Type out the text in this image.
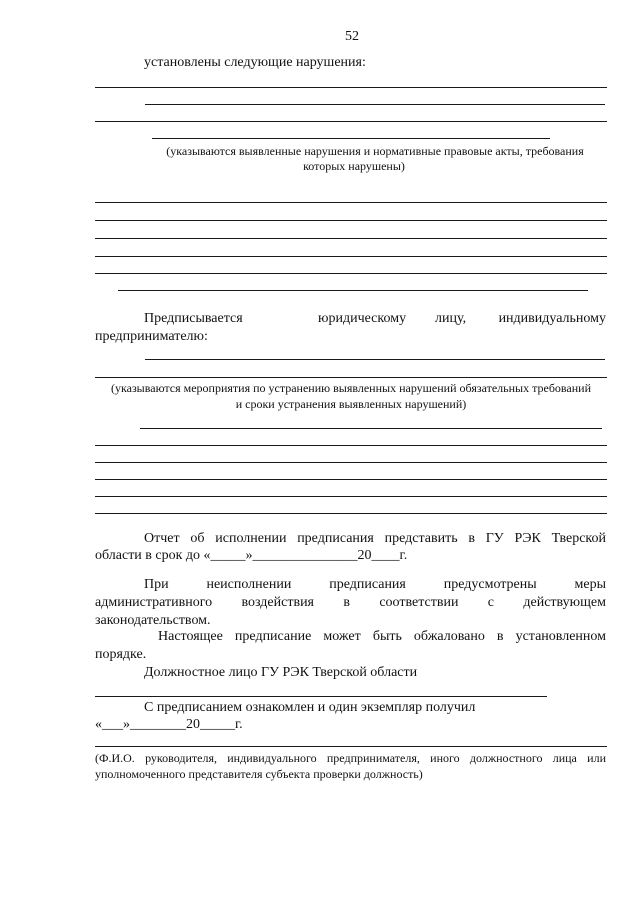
52
установлены следующие нарушения:
(указываются выявленные нарушения и нормативные правовые акты, требования
которых нарушены)
Предписывается	юридическому лицу,	индивидуальному
предпринимателю:
(указываются мероприятия по устранению выявленных нарушений обязательных требований
и сроки устранения выявленных нарушений)
Отчет об исполнении предписания представить в ГУ РЭК Тверской
области в срок до «_____»_______________20____г.
При неисполнении предписания предусмотрены меры
административного воздействия в соответствии с действующем
законодательством.
Настоящее предписание может быть обжаловано в установленном
порядке.
Должностное лицо ГУ РЭК Тверской области
С предписанием ознакомлен и один экземпляр получил
«___»________20_____г.
(Ф.И.О. руководителя, индивидуального предпринимателя, иного должностного лица или
уполномоченного представителя субъекта проверки должность)
